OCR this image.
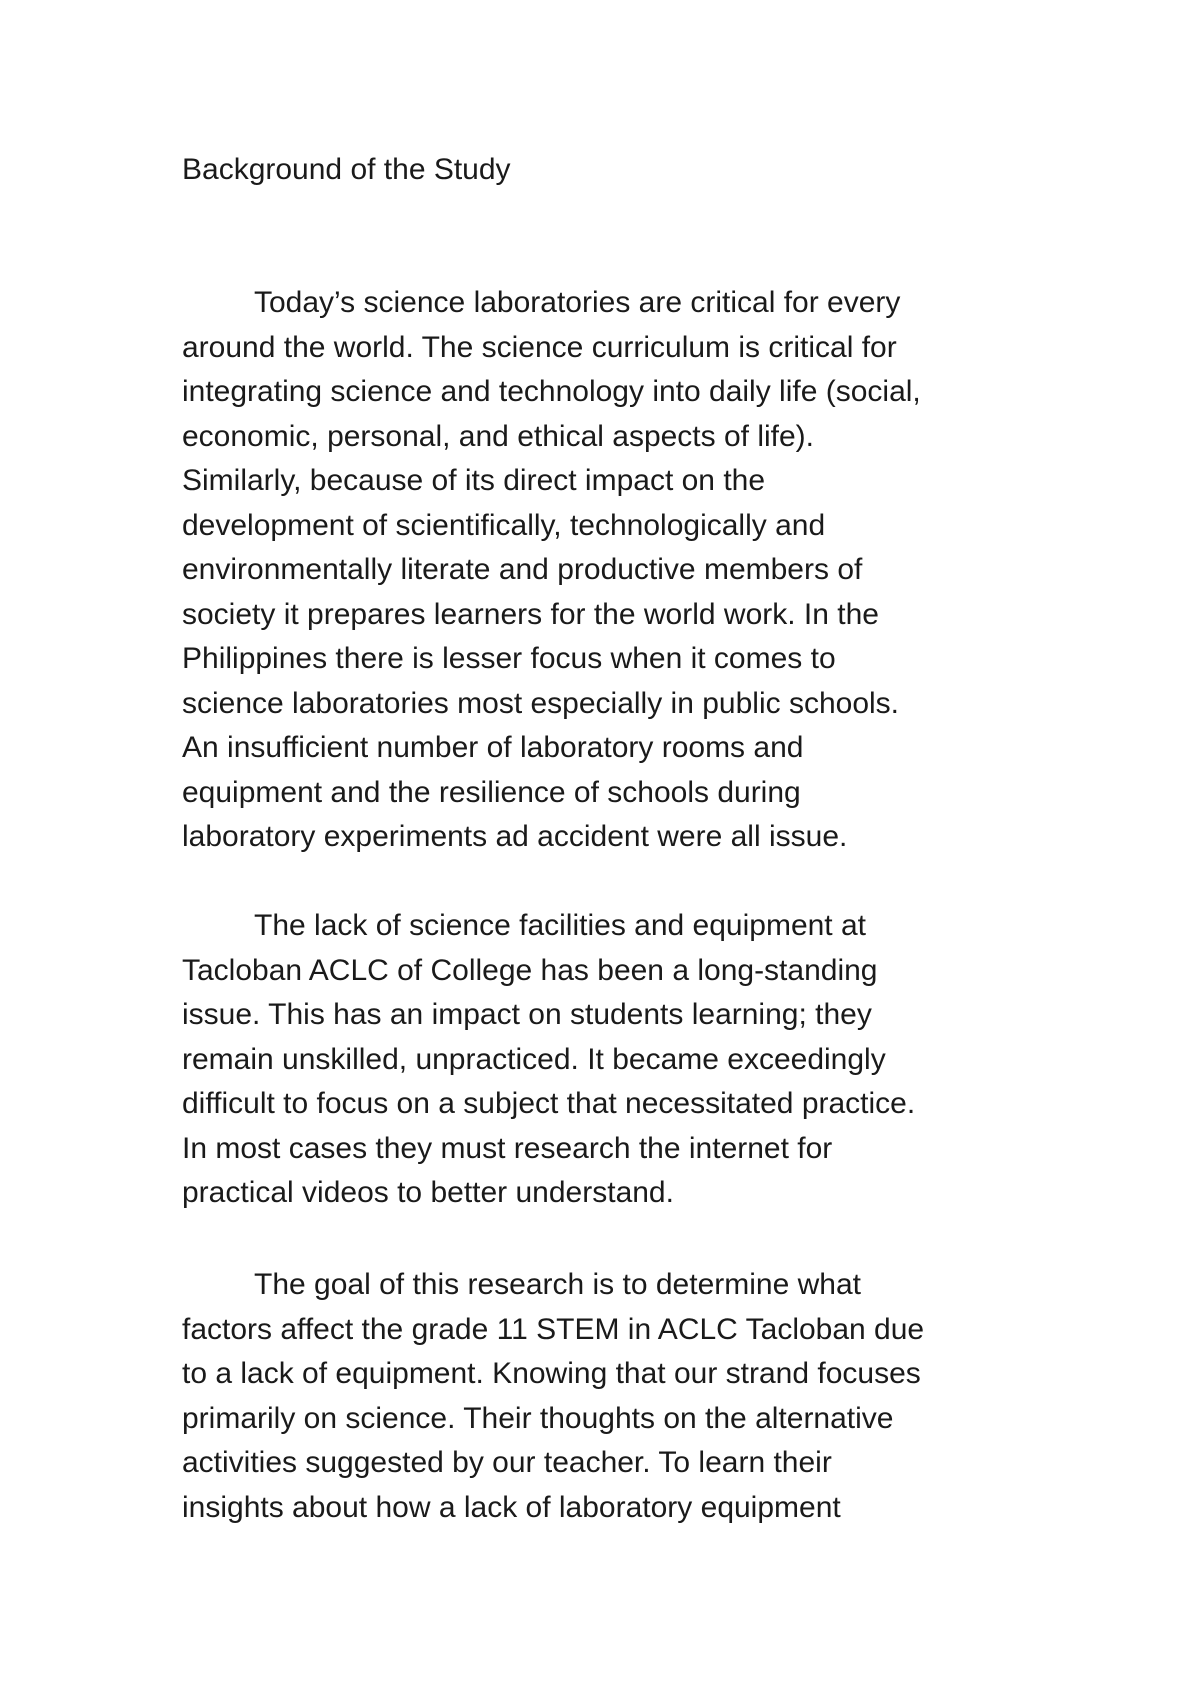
Background of the Study
Today’s science laboratories are critical for every
around the world. The science curriculum is critical for
integrating science and technology into daily life (social,
economic, personal, and ethical aspects of life).
Similarly, because of its direct impact on the
development of scientifically, technologically and
environmentally literate and productive members of
society it prepares learners for the world work. In the
Philippines there is lesser focus when it comes to
science laboratories most especially in public schools.
An insufficient number of laboratory rooms and
equipment and the resilience of schools during
laboratory experiments ad accident were all issue.
The lack of science facilities and equipment at
Tacloban ACLC of College has been a long-standing
issue. This has an impact on students learning; they
remain unskilled, unpracticed. It became exceedingly
difficult to focus on a subject that necessitated practice.
In most cases they must research the internet for
practical videos to better understand.
The goal of this research is to determine what
factors affect the grade 11 STEM in ACLC Tacloban due
to a lack of equipment. Knowing that our strand focuses
primarily on science. Their thoughts on the alternative
activities suggested by our teacher. To learn their
insights about how a lack of laboratory equipment
